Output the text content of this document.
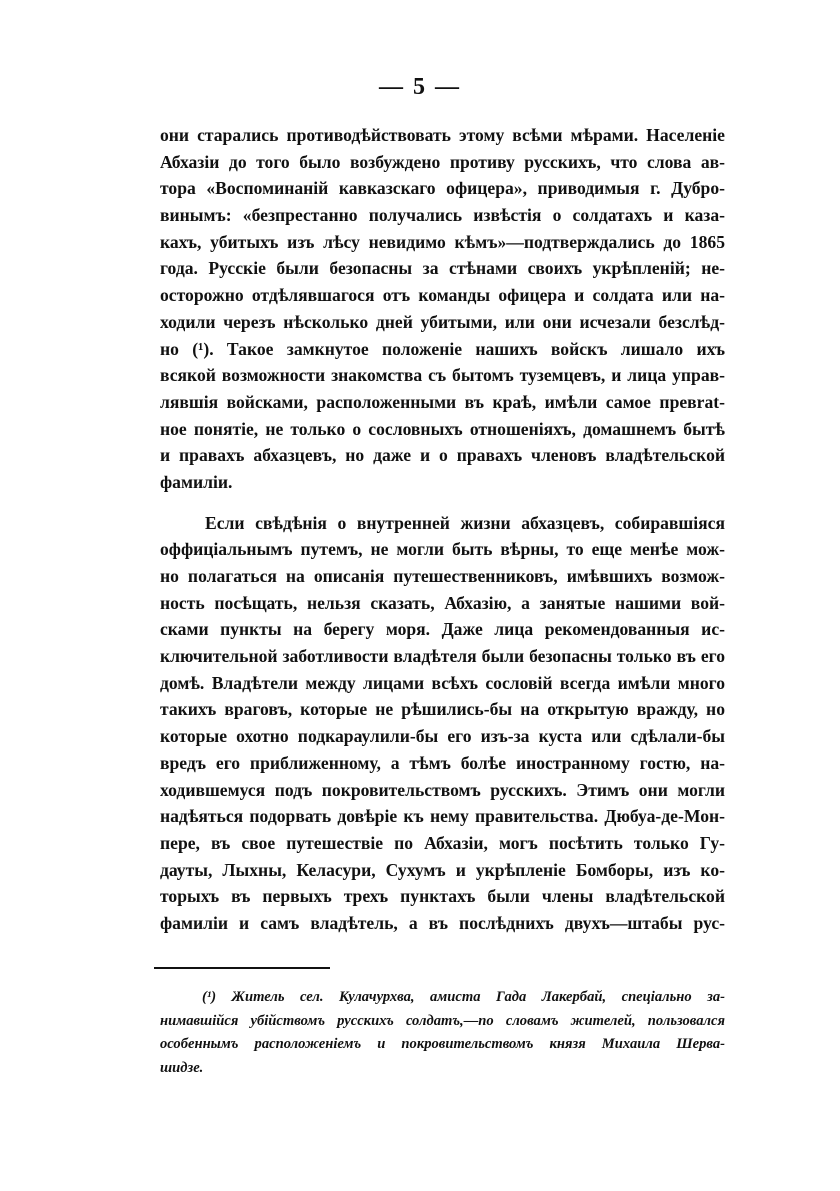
— 5 —
они старались противодѣйствовать этому всѣми мѣрами. Населеніе
Абхазіи до того было возбуждено противу русскихъ, что слова ав-
тора «Воспоминаній кавказскаго офицера», приводимыя г. Дубро-
винымъ: «безпрестанно получались извѣстія о солдатахъ и каза-
кахъ, убитыхъ изъ лѣсу невидимо кѣмъ»—подтверждались до 1865
года. Русскіе были безопасны за стѣнами своихъ укрѣпленій; не-
осторожно отдѣлявшагося отъ команды офицера и солдата или на-
ходили черезъ нѣсколько дней убитыми, или они исчезали безслѣд-
но (¹). Такое замкнутое положеніе нашихъ войскъ лишало ихъ
всякой возможности знакомства съ бытомъ туземцевъ, и лица управ-
лявшія войсками, расположенными въ краѣ, имѣли самое превrat-
ное понятіе, не только о сословныхъ отношеніяхъ, домашнемъ бытѣ
и правахъ абхазцевъ, но даже и о правахъ членовъ владѣтельской
фамиліи.
Если свѣдѣнія о внутренней жизни абхазцевъ, собиравшіяся
оффиціальнымъ путемъ, не могли быть вѣрны, то еще менѣе мож-
но полагаться на описанія путешественниковъ, имѣвшихъ возмож-
ность посѣщать, нельзя сказать, Абхазію, а занятые нашими вой-
сками пункты на берегу моря. Даже лица рекомендованныя ис-
ключительной заботливости владѣтеля были безопасны только въ его
домѣ. Владѣтели между лицами всѣхъ сословій всегда имѣли много
такихъ враговъ, которые не рѣшились-бы на открытую вражду, но
которые охотно подкараулили-бы его изъ-за куста или сдѣлали-бы
вредъ его приближенному, а тѣмъ болѣе иностранному гостю, на-
ходившемуся подъ покровительствомъ русскихъ. Этимъ они могли
надѣяться подорвать довѣріе къ нему правительства. Дюбуа-де-Мон-
пере, въ свое путешествіе по Абхазіи, могъ посѣтить только Гу-
дауты, Лыхны, Келасури, Сухумъ и укрѣпленіе Бомборы, изъ ко-
торыхъ въ первыхъ трехъ пунктахъ были члены владѣтельской
фамиліи и самъ владѣтель, а въ послѣднихъ двухъ—штабы рус-
(¹) Житель сел. Кулачурхва, амиста Гада Лакербай, спеціально за-
нимавшійся убійствомъ русскихъ солдатъ,—по словамъ жителей, пользовался
особеннымъ расположеніемъ и покровительствомъ князя Михаила Шерва-
шидзе.
